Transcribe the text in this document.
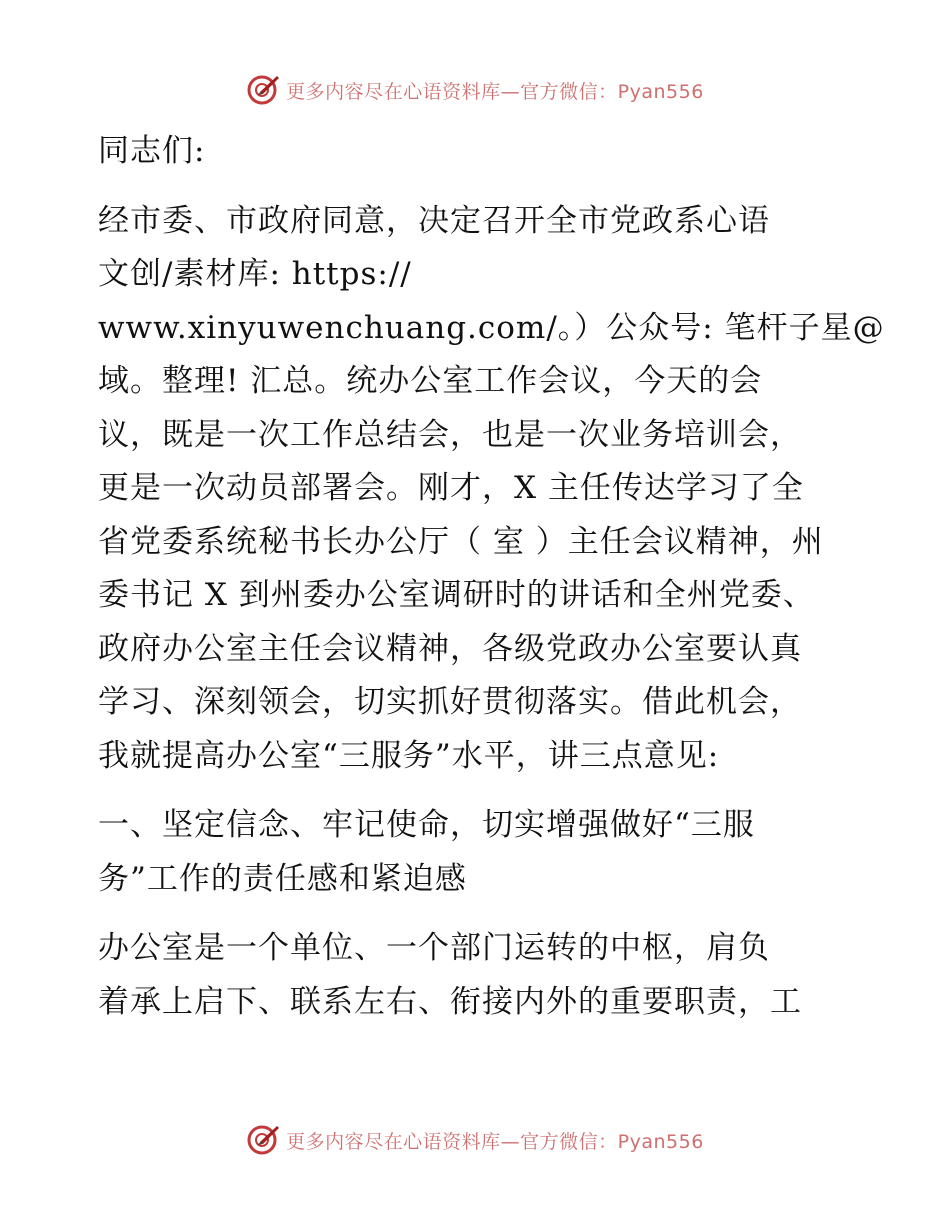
更多内容尽在心语资料库—官方微信：Pyan556
同志们:
经市委、市政府同意，决定召开全市党政系心语
文创/素材库: https://
www.xinyuwenchuang.com/。）公众号: 笔杆子星@
域。整理! 汇总。统办公室工作会议，今天的会
议，既是一次工作总结会，也是一次业务培训会，
更是一次动员部署会。刚才，X 主任传达学习了全
省党委系统秘书长办公厅（ 室 ）主任会议精神，州
委书记 X 到州委办公室调研时的讲话和全州党委、
政府办公室主任会议精神，各级党政办公室要认真
学习、深刻领会，切实抓好贯彻落实。借此机会，
我就提高办公室“三服务”水平，讲三点意见:
一、坚定信念、牢记使命，切实增强做好“三服
务”工作的责任感和紧迫感
办公室是一个单位、一个部门运转的中枢，肩负
着承上启下、联系左右、衔接内外的重要职责，工
更多内容尽在心语资料库—官方微信：Pyan556
